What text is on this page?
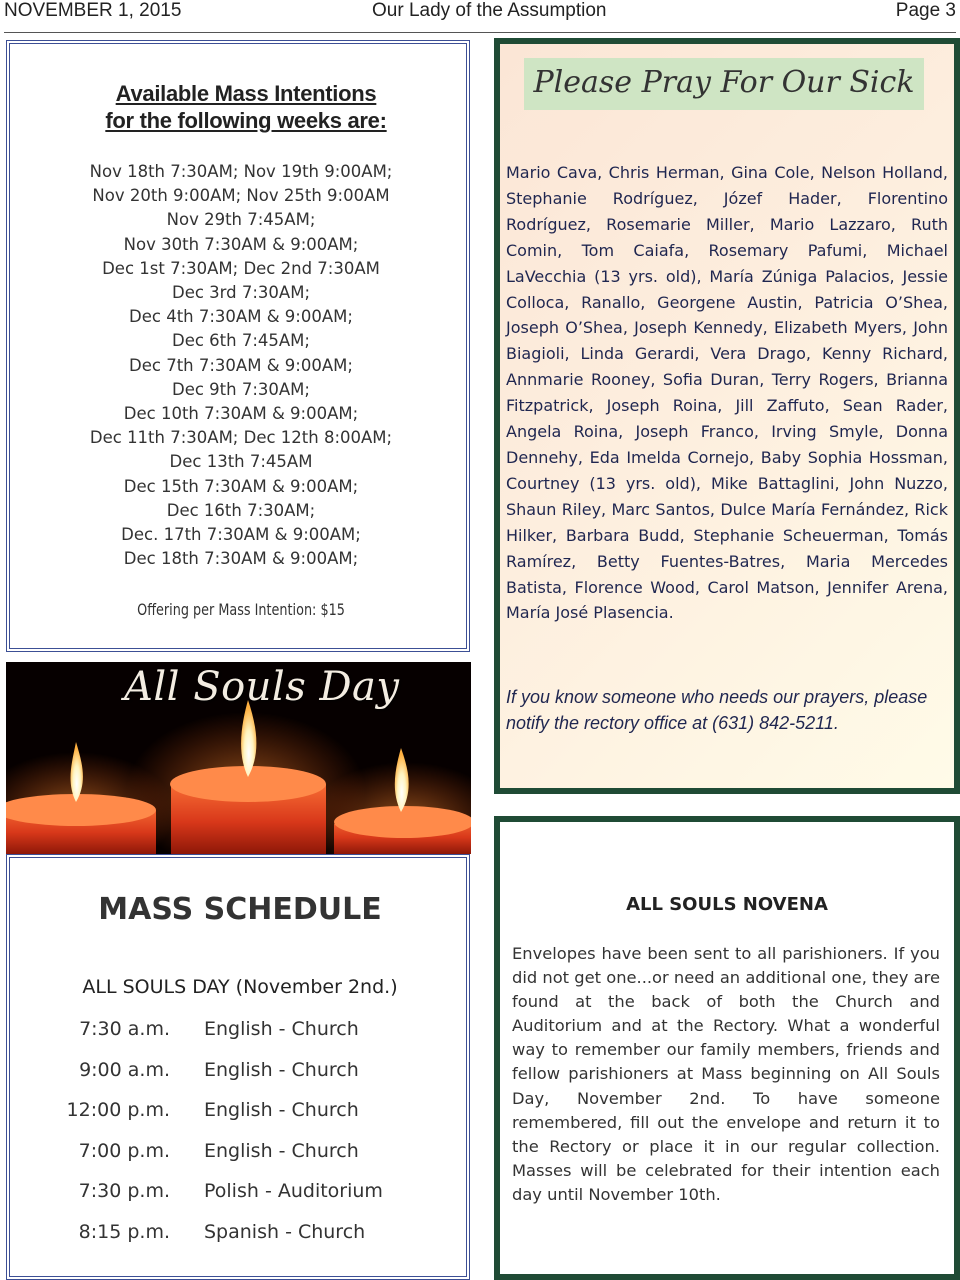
NOVEMBER 1, 2015	Our Lady of the Assumption	Page 3
Available Mass Intentions
for the following weeks are:
Nov 18th 7:30AM; Nov 19th 9:00AM;
Nov 20th 9:00AM; Nov 25th 9:00AM
Nov 29th 7:45AM;
Nov 30th 7:30AM & 9:00AM;
Dec 1st 7:30AM; Dec 2nd 7:30AM
Dec 3rd 7:30AM;
Dec 4th 7:30AM & 9:00AM;
Dec 6th 7:45AM;
Dec 7th 7:30AM & 9:00AM;
Dec 9th 7:30AM;
Dec 10th 7:30AM & 9:00AM;
Dec 11th 7:30AM; Dec 12th 8:00AM;
Dec 13th 7:45AM
Dec 15th 7:30AM & 9:00AM;
Dec 16th 7:30AM;
Dec. 17th 7:30AM & 9:00AM;
Dec 18th 7:30AM & 9:00AM;
Offering per Mass Intention: $15
All Souls Day
Please Pray For Our Sick
Mario Cava, Chris Herman, Gina Cole, Nelson Holland, Stephanie Rodríguez, Józef Hader, Florentino Rodríguez, Rosemarie Miller, Mario Lazzaro, Ruth Comin, Tom Caiafa, Rosemary Pafumi, Michael LaVecchia (13 yrs. old), María Zúniga Palacios, Jessie Colloca, Ranallo, Georgene Austin, Patricia O’Shea, Joseph O’Shea, Joseph Kennedy, Elizabeth Myers, John Biagioli, Linda Gerardi, Vera Drago, Kenny Richard, Annmarie Rooney, Sofia Duran, Terry Rogers, Brianna Fitzpatrick, Joseph Roina, Jill Zaffuto, Sean Rader, Angela Roina, Joseph Franco, Irving Smyle, Donna Dennehy, Eda Imelda Cornejo, Baby Sophia Hossman, Courtney (13 yrs. old), Mike Battaglini, John Nuzzo, Shaun Riley, Marc Santos, Dulce María Fernández, Rick Hilker, Barbara Budd, Stephanie Scheuerman, Tomás Ramírez, Betty Fuentes-Batres, Maria Mercedes Batista, Florence Wood, Carol Matson, Jennifer Arena, María José Plasencia.
If you know someone who needs our prayers, please notify the rectory office at (631) 842-5211.
MASS SCHEDULE
ALL SOULS DAY (November 2nd.)
7:30 a.m. English - Church
9:00 a.m. English - Church
12:00 p.m. English - Church
7:00 p.m. English - Church
7:30 p.m. Polish - Auditorium
8:15 p.m. Spanish - Church
ALL SOULS NOVENA
Envelopes have been sent to all parishioners. If you did not get one...or need an additional one, they are found at the back of both the Church and Auditorium and at the Rectory. What a wonderful way to remember our family members, friends and fellow parishioners at Mass beginning on All Souls Day, November 2nd. To have someone remembered, fill out the envelope and return it to the Rectory or place it in our regular collection. Masses will be celebrated for their intention each day until November 10th.
